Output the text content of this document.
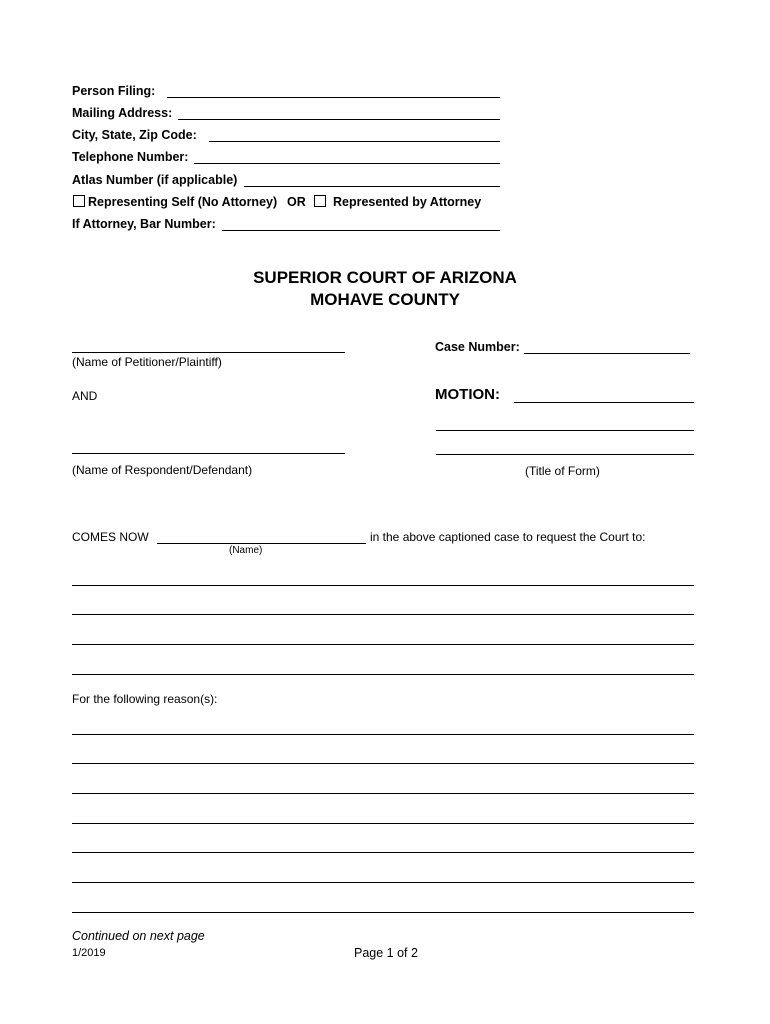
Person Filing:
Mailing Address:
City, State, Zip Code:
Telephone Number:
Atlas Number (if applicable)
Representing Self (No Attorney) OR Represented by Attorney
If Attorney, Bar Number:
SUPERIOR COURT OF ARIZONA
MOHAVE COUNTY
(Name of Petitioner/Plaintiff)
AND
(Name of Respondent/Defendant)
Case Number:
MOTION:
(Title of Form)
COMES NOW	in the above captioned case to request the Court to:
(Name)
For the following reason(s):
Continued on next page
1/2019	Page 1 of 2
